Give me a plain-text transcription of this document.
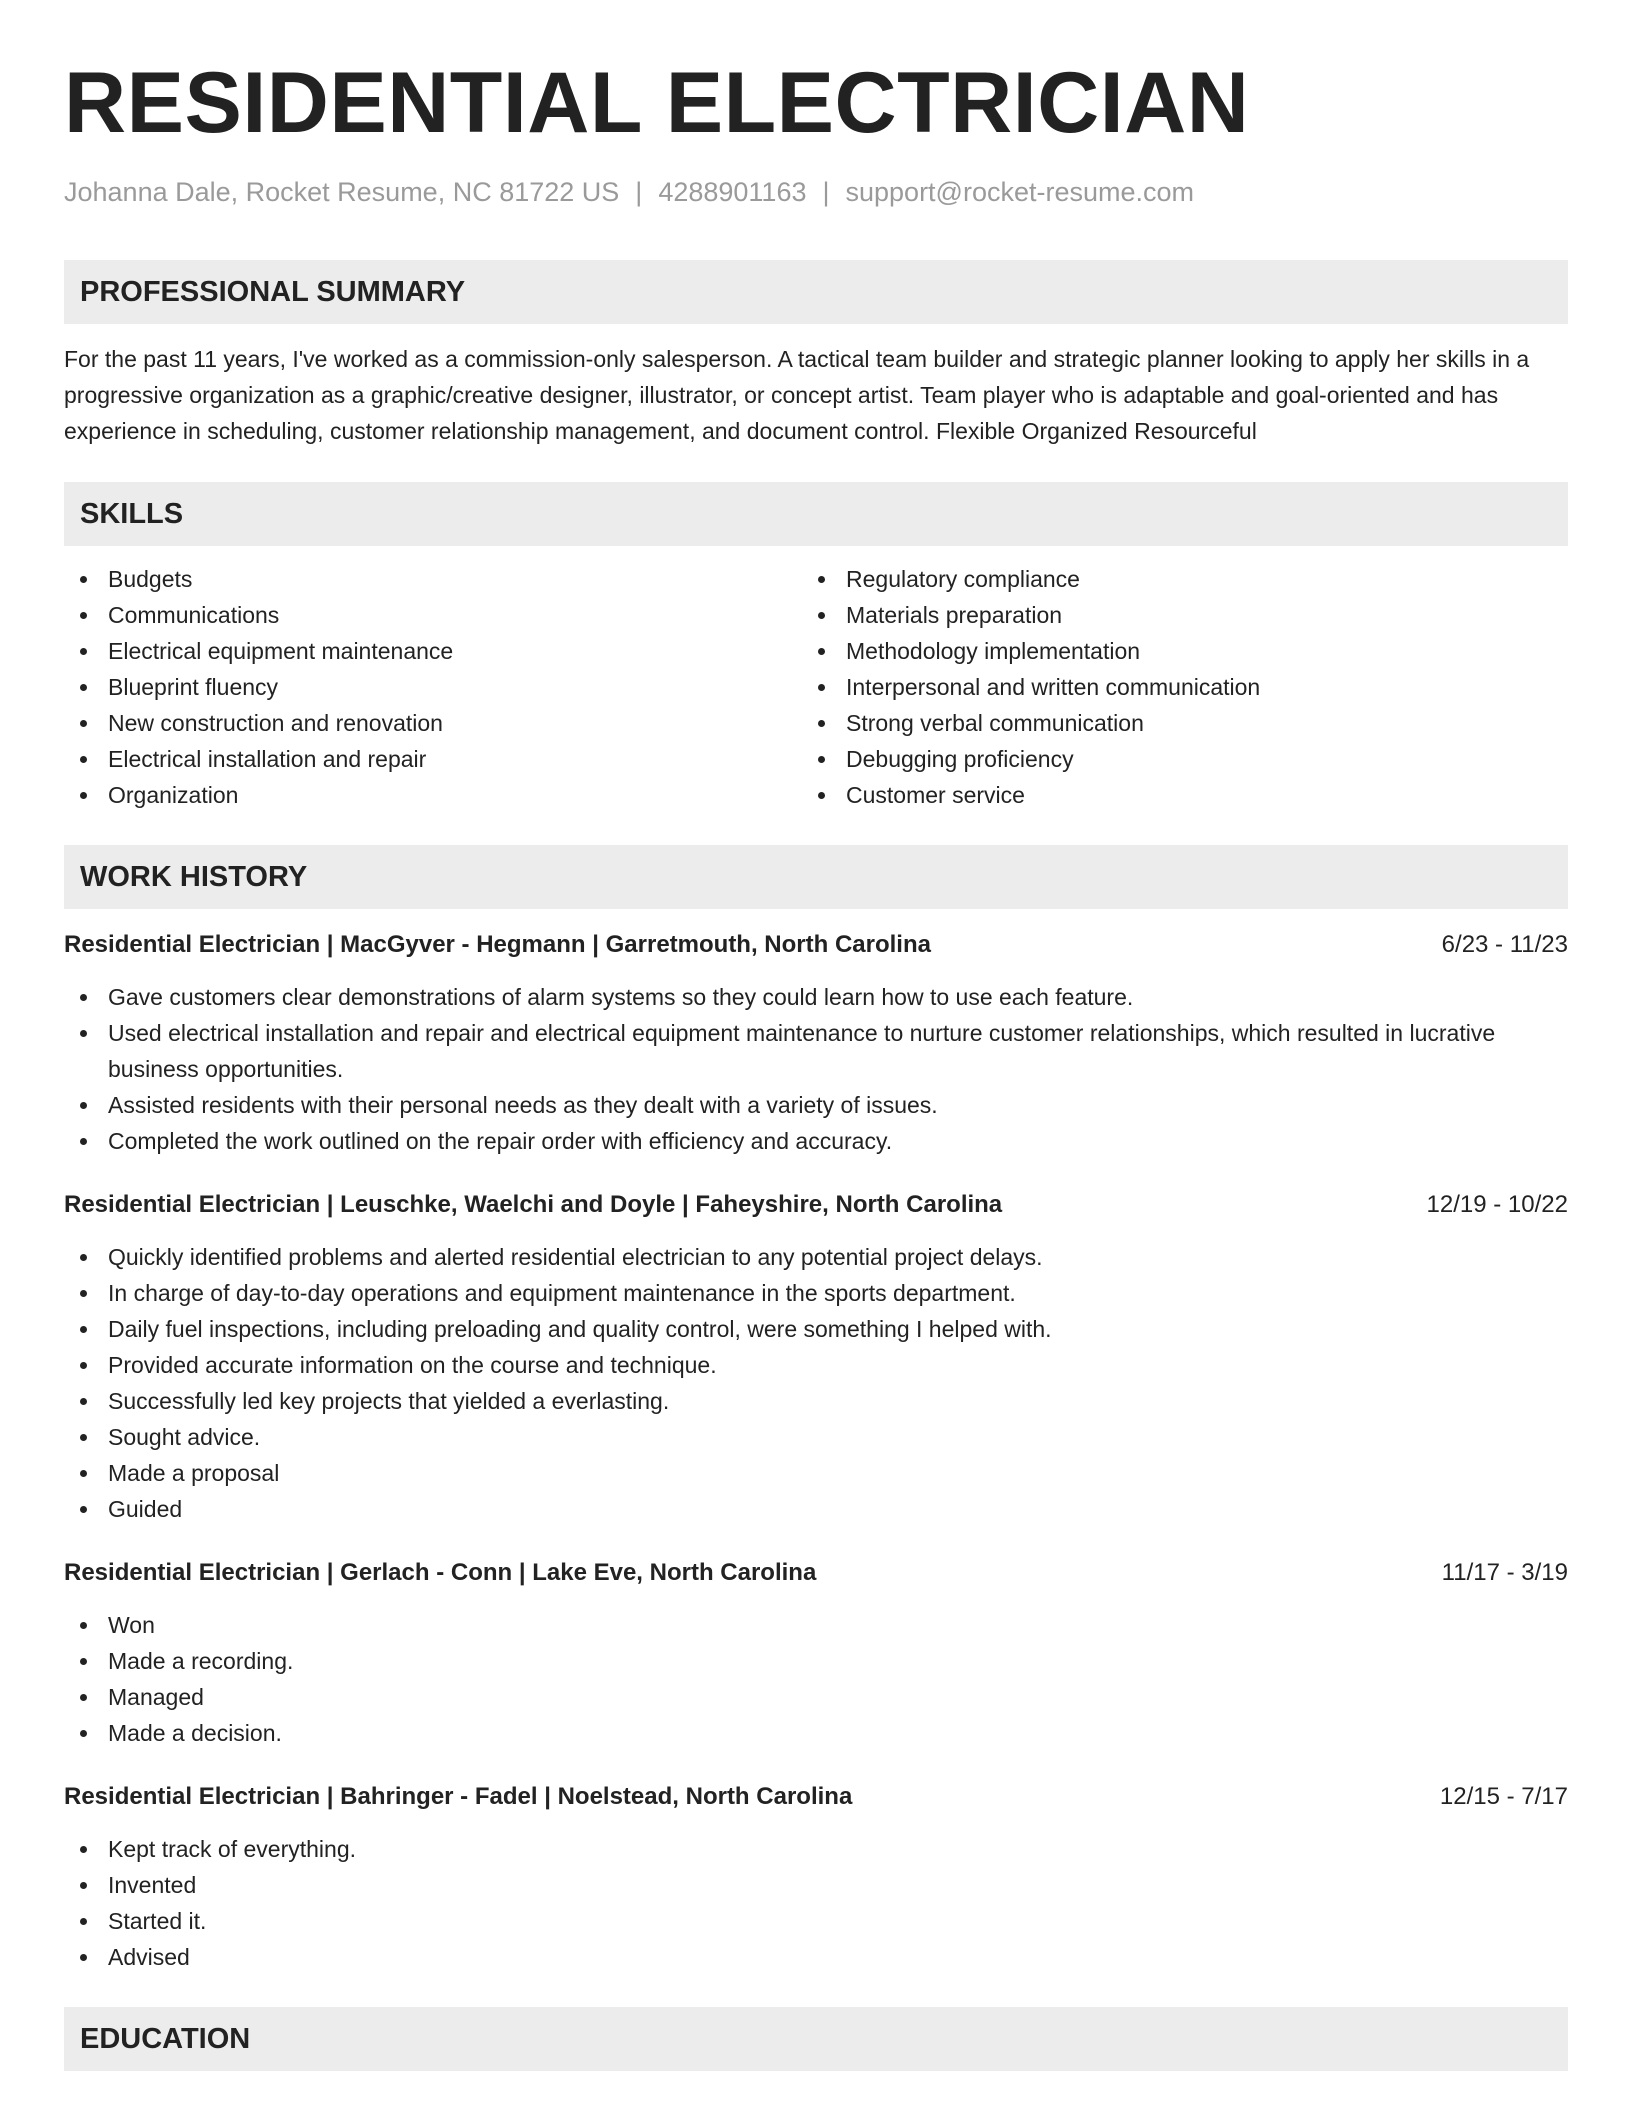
RESIDENTIAL ELECTRICIAN
Johanna Dale, Rocket Resume, NC 81722 US | 4288901163 | support@rocket-resume.com
PROFESSIONAL SUMMARY
For the past 11 years, I've worked as a commission-only salesperson. A tactical team builder and strategic planner looking to apply her skills in a progressive organization as a graphic/creative designer, illustrator, or concept artist. Team player who is adaptable and goal-oriented and has experience in scheduling, customer relationship management, and document control. Flexible Organized Resourceful
SKILLS
Budgets
Communications
Electrical equipment maintenance
Blueprint fluency
New construction and renovation
Electrical installation and repair
Organization
Regulatory compliance
Materials preparation
Methodology implementation
Interpersonal and written communication
Strong verbal communication
Debugging proficiency
Customer service
WORK HISTORY
Residential Electrician | MacGyver - Hegmann | Garretmouth, North Carolina	6/23 - 11/23
Gave customers clear demonstrations of alarm systems so they could learn how to use each feature.
Used electrical installation and repair and electrical equipment maintenance to nurture customer relationships, which resulted in lucrative business opportunities.
Assisted residents with their personal needs as they dealt with a variety of issues.
Completed the work outlined on the repair order with efficiency and accuracy.
Residential Electrician | Leuschke, Waelchi and Doyle | Faheyshire, North Carolina	12/19 - 10/22
Quickly identified problems and alerted residential electrician to any potential project delays.
In charge of day-to-day operations and equipment maintenance in the sports department.
Daily fuel inspections, including preloading and quality control, were something I helped with.
Provided accurate information on the course and technique.
Successfully led key projects that yielded a everlasting.
Sought advice.
Made a proposal
Guided
Residential Electrician | Gerlach - Conn | Lake Eve, North Carolina	11/17 - 3/19
Won
Made a recording.
Managed
Made a decision.
Residential Electrician | Bahringer - Fadel | Noelstead, North Carolina	12/15 - 7/17
Kept track of everything.
Invented
Started it.
Advised
EDUCATION
